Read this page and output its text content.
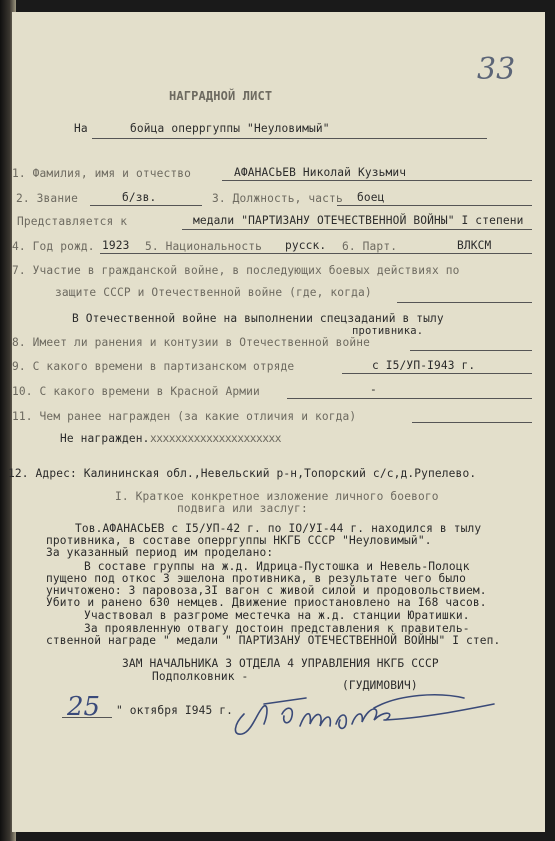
33
НАГРАДНОЙ ЛИСТ
На	бойца оперргуппы "Неуловимый"
1. Фамилия, имя и отчество	АФАНАСЬЕВ Николай Кузьмич
2. Звание	б/зв.	3. Должность, часть боец
Представляется к	медали "ПАРТИЗАНУ ОТЕЧЕСТВЕННОЙ ВОЙНЫ" I степени
4. Год рожд. 1923 5. Национальность русск. 6. Парт.	ВЛКСМ
7. Участие в гражданской войне, в последующих боевых действиях по
защите СССР и Отечественной войне (где, когда)
В Отечественной войне на выполнении спецзаданий в тылу
противника.
8. Имеет ли ранения и контузии в Отечественной войне
9. С какого времени в партизанском отряде	с I5/УП-I943 г.
10. С какого времени в Красной Армии	-
11. Чем ранее награжден (за какие отличия и когда)
Не награжден. ххххххххххххххххххххх
12. Адрес: Калининская обл.,Невельский р-н,Топорский с/с,д.Рупелево.
I. Краткое конкретное изложение личного боевого
подвига или заслуг:
Тов.АФАНАСЬЕВ с I5/УП-42 г. по IO/УI-44 г. находился в тылу
противника, в составе оперргуппы НКГБ СССР "Неуловимый".
За указанный период им проделано:
В составе группы на ж.д. Идрица-Пустошка и Невель-Полоцк
пущено под откос 3 эшелона противника, в результате чего было
уничтожено: 3 паровоза,3I вагон с живой силой и продовольствием.
Убито и ранено 630 немцев. Движение приостановлено на I68 часов.
Участвовал в разгроме местечка на ж.д. станции Юратишки.
За проявленную отвагу достоин представления к правитель-
ственной награде " медали " ПАРТИЗАНУ ОТЕЧЕСТВЕННОЙ ВОЙНЫ" I степ.
ЗАМ НАЧАЛЬНИКА 3 ОТДЕЛА 4 УПРАВЛЕНИЯ НКГБ СССР
Подполковник -
(ГУДИМОВИЧ)
25 " октября I945 г.
